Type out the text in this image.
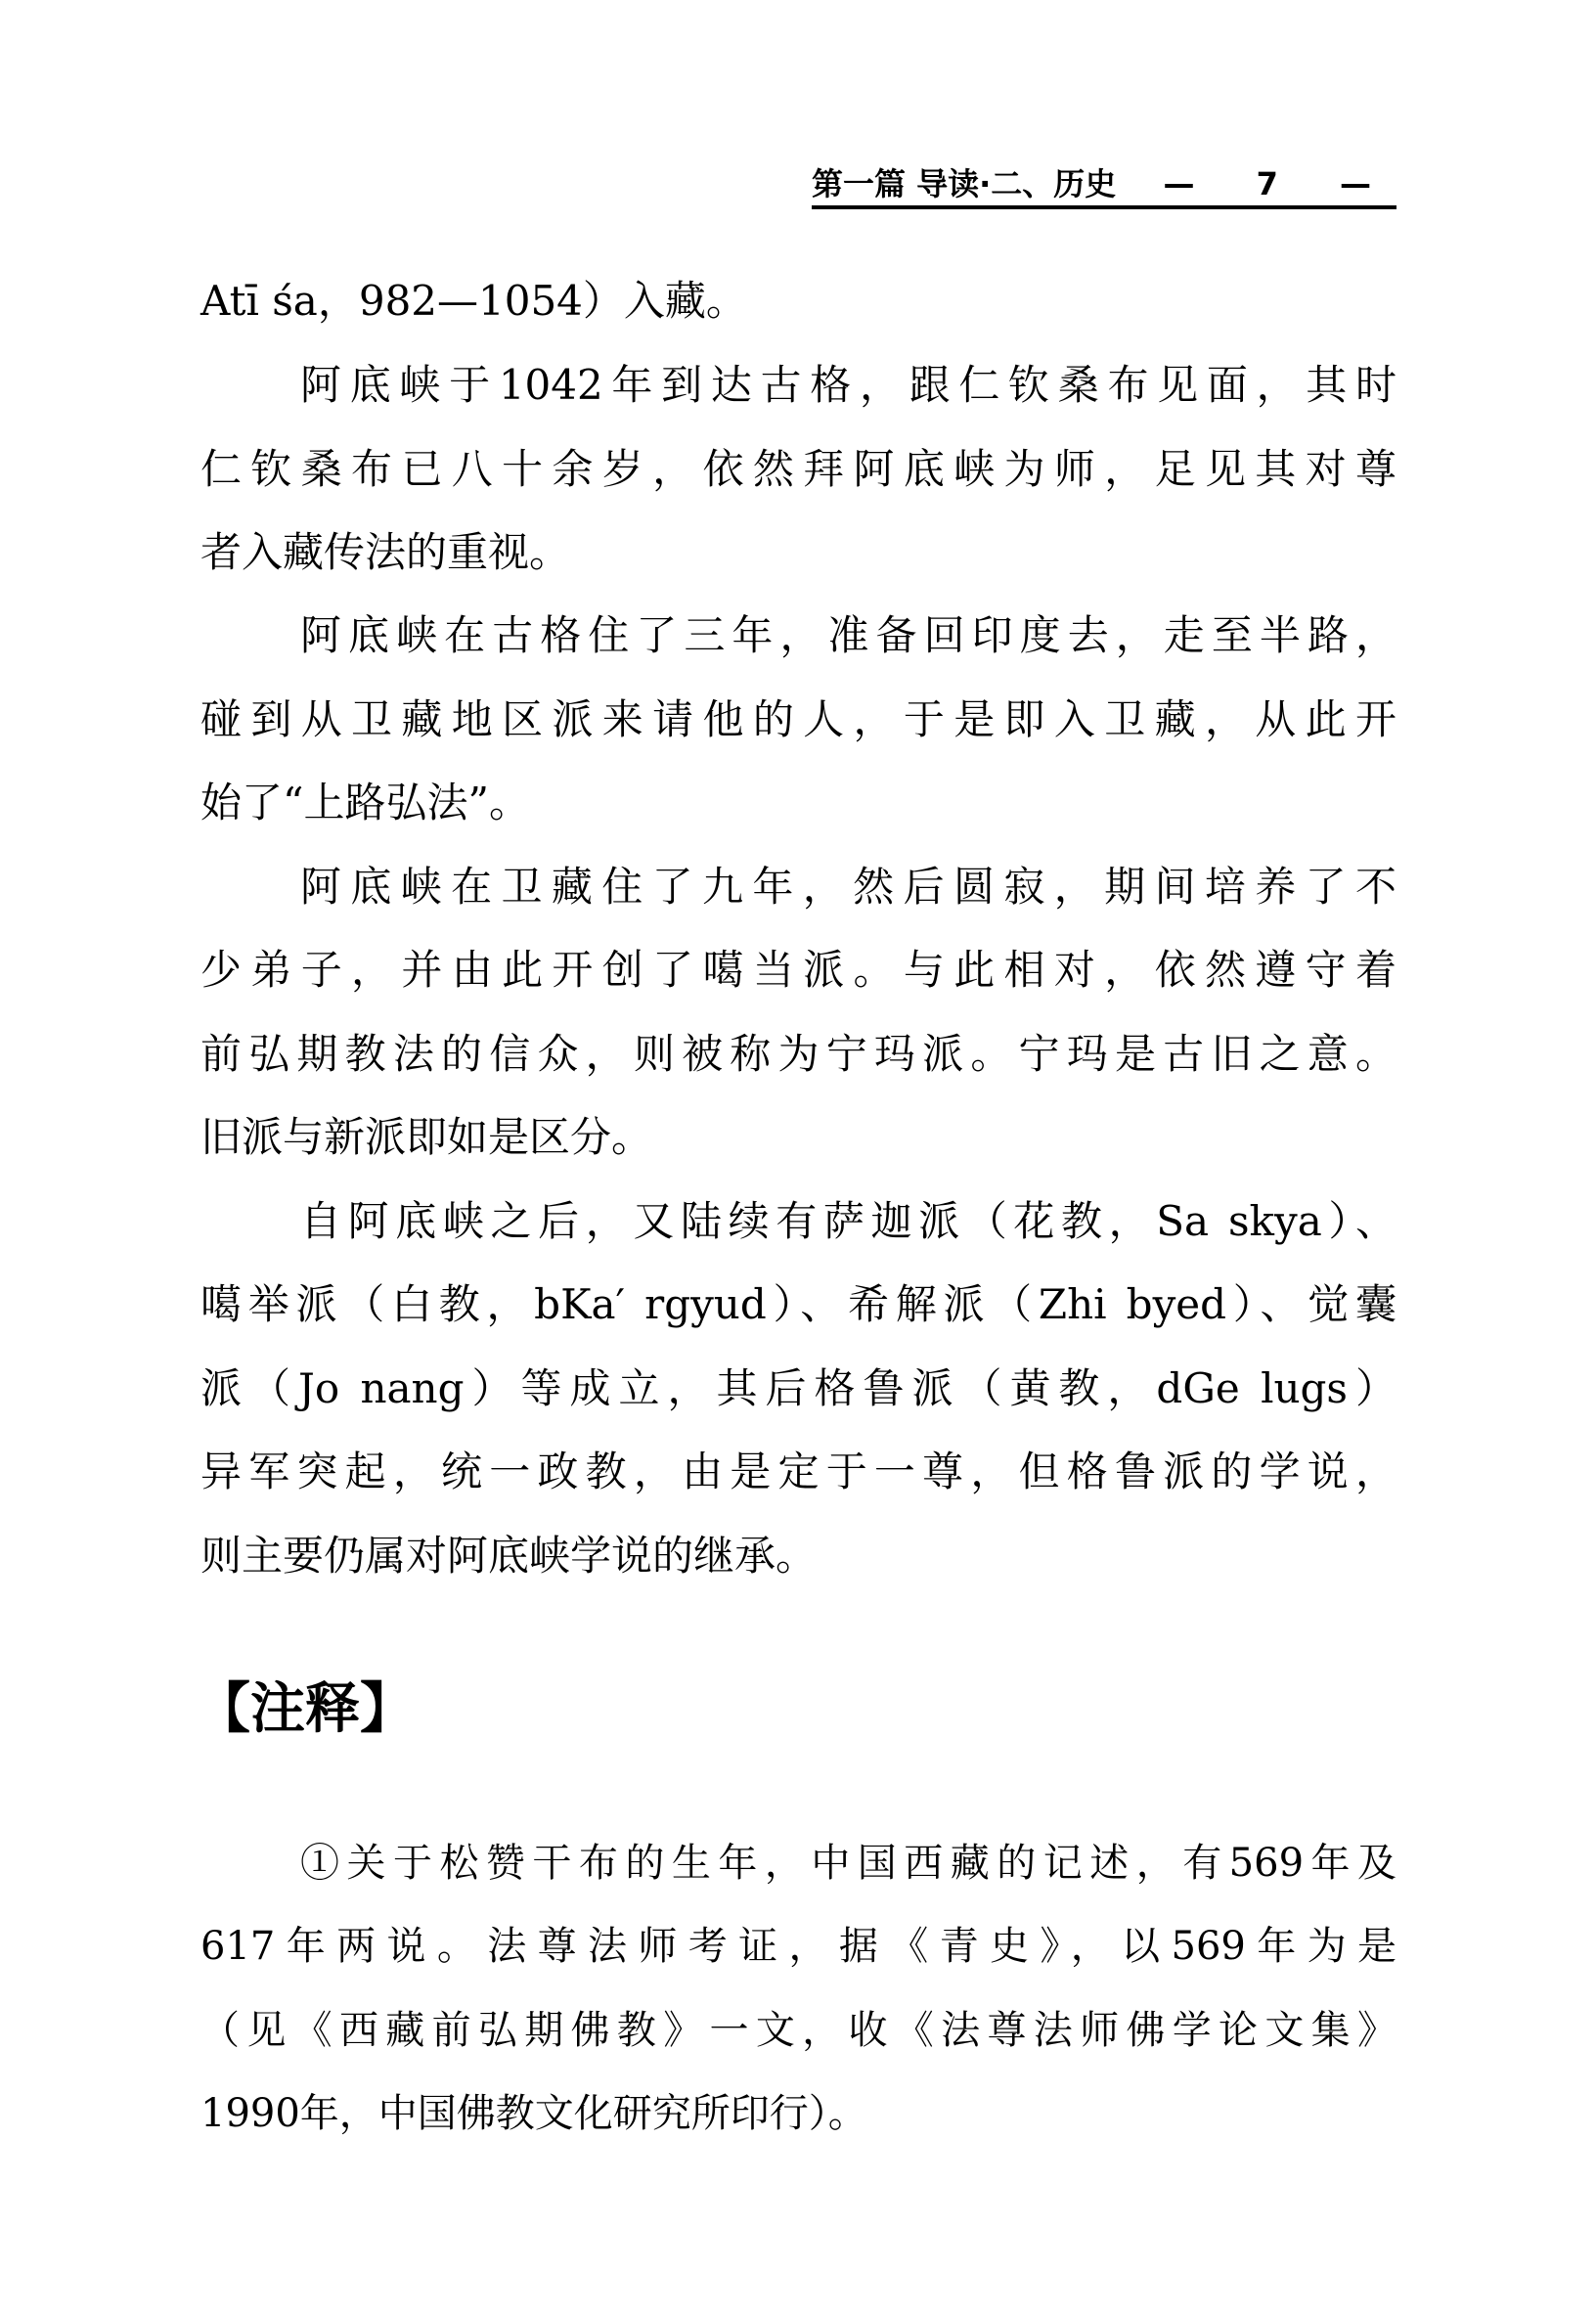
第一篇 导读·二、历史 — 7 —
Atī śa，982—1054）入藏。
阿底峡于1042年到达古格，跟仁钦桑布见面，其时
仁钦桑布已八十余岁，依然拜阿底峡为师，足见其对尊
者入藏传法的重视。
阿底峡在古格住了三年，准备回印度去，走至半路，
碰到从卫藏地区派来请他的人，于是即入卫藏，从此开
始了“上路弘法”。
阿底峡在卫藏住了九年，然后圆寂，期间培养了不
少弟子，并由此开创了噶当派。与此相对，依然遵守着
前弘期教法的信众，则被称为宁玛派。宁玛是古旧之意。
旧派与新派即如是区分。
自阿底峡之后，又陆续有萨迦派（花教，Sa skya）、
噶举派（白教，bKa′ rgyud）、希解派（Zhi byed）、觉囊
派（Jo nang）等成立，其后格鲁派（黄教，dGe lugs）
异军突起，统一政教，由是定于一尊，但格鲁派的学说，
则主要仍属对阿底峡学说的继承。
【注释】
①关于松赞干布的生年，中国西藏的记述，有569年及
617年两说。法尊法师考证，据《青史》，以569年为是
（见《西藏前弘期佛教》一文，收《法尊法师佛学论文集》
1990年，中国佛教文化研究所印行）。
